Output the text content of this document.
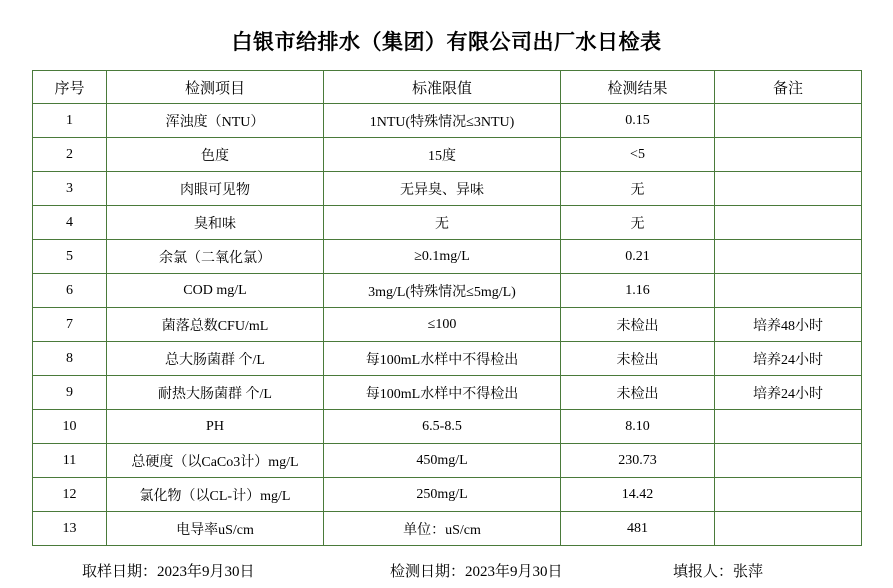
白银市给排水（集团）有限公司出厂水日检表
序号	检测项目	标准限值	检测结果	备注
1	浑浊度（NTU）	1NTU(特殊情况≤3NTU)	0.15	
2	色度	15度	<5	
3	肉眼可见物	无异臭、异味	无	
4	臭和味	无	无	
5	余氯（二氧化氯）	≥0.1mg/L	0.21	
6	COD mg/L	3mg/L(特殊情况≤5mg/L)	1.16	
7	菌落总数CFU/mL	≤100	未检出	培养48小时
8	总大肠菌群 个/L	每100mL水样中不得检出	未检出	培养24小时
9	耐热大肠菌群 个/L	每100mL水样中不得检出	未检出	培养24小时
10	PH	6.5-8.5	8.10	
11	总硬度（以CaCo3计）mg/L	450mg/L	230.73	
12	氯化物（以CL-计）mg/L	250mg/L	14.42	
13	电导率uS/cm	单位：uS/cm	481	
取样日期：2023年9月30日	检测日期：2023年9月30日	填报人：张萍
